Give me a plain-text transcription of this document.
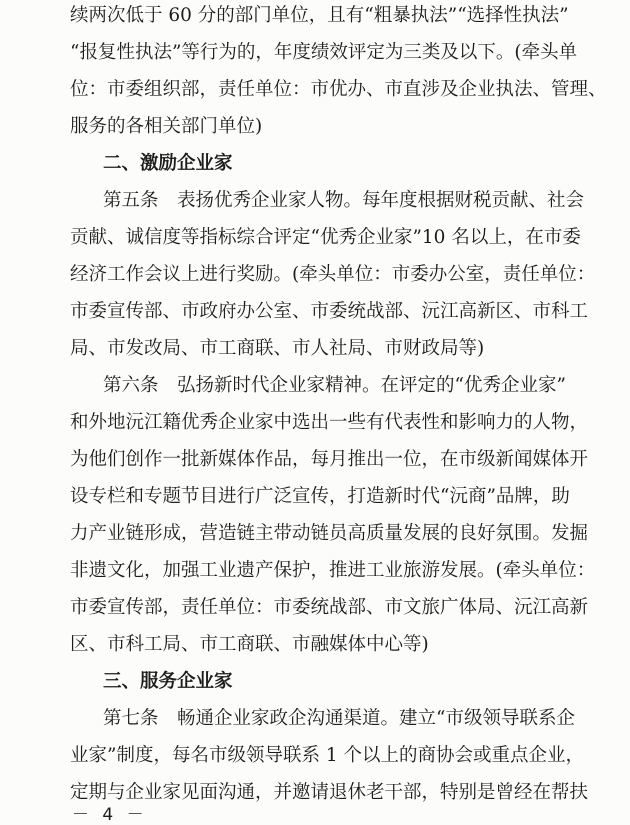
续两次低于 60 分的部门单位，且有“粗暴执法”“选择性执法”
“报复性执法”等行为的，年度绩效评定为三类及以下。(牵头单
位：市委组织部，责任单位：市优办、市直涉及企业执法、管理、
服务的各相关部门单位)
二、激励企业家
第五条　表扬优秀企业家人物。每年度根据财税贡献、社会
贡献、诚信度等指标综合评定“优秀企业家”10 名以上，在市委
经济工作会议上进行奖励。(牵头单位：市委办公室，责任单位：
市委宣传部、市政府办公室、市委统战部、沅江高新区、市科工
局、市发改局、市工商联、市人社局、市财政局等)
第六条　弘扬新时代企业家精神。在评定的“优秀企业家”
和外地沅江籍优秀企业家中选出一些有代表性和影响力的人物，
为他们创作一批新媒体作品，每月推出一位，在市级新闻媒体开
设专栏和专题节目进行广泛宣传，打造新时代“沅商”品牌，助
力产业链形成，营造链主带动链员高质量发展的良好氛围。发掘
非遗文化，加强工业遗产保护，推进工业旅游发展。(牵头单位：
市委宣传部，责任单位：市委统战部、市文旅广体局、沅江高新
区、市科工局、市工商联、市融媒体中心等)
三、服务企业家
第七条　畅通企业家政企沟通渠道。建立“市级领导联系企
业家”制度，每名市级领导联系 1 个以上的商协会或重点企业，
定期与企业家见面沟通，并邀请退休老干部，特别是曾经在帮扶
－ 4 －
